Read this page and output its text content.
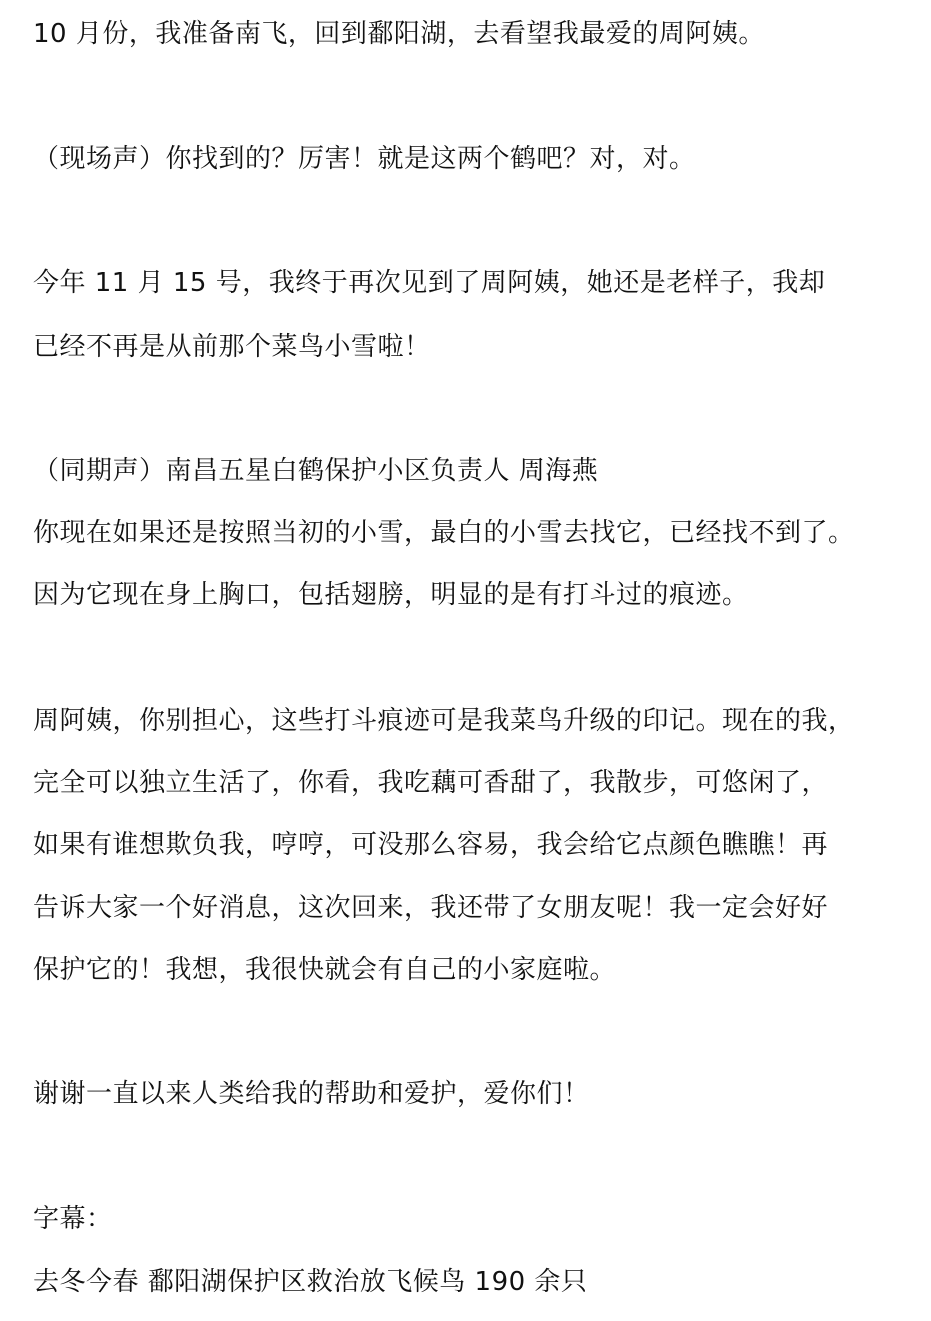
10 月份，我准备南飞，回到鄱阳湖，去看望我最爱的周阿姨。
（现场声）你找到的？厉害！就是这两个鹤吧？对，对。
今年 11 月 15 号，我终于再次见到了周阿姨，她还是老样子，我却
已经不再是从前那个菜鸟小雪啦！
（同期声）南昌五星白鹤保护小区负责人 周海燕
你现在如果还是按照当初的小雪，最白的小雪去找它，已经找不到了。
因为它现在身上胸口，包括翅膀，明显的是有打斗过的痕迹。
周阿姨，你别担心，这些打斗痕迹可是我菜鸟升级的印记。现在的我，
完全可以独立生活了，你看，我吃藕可香甜了，我散步，可悠闲了，
如果有谁想欺负我，哼哼，可没那么容易，我会给它点颜色瞧瞧！再
告诉大家一个好消息，这次回来，我还带了女朋友呢！我一定会好好
保护它的！我想，我很快就会有自己的小家庭啦。
谢谢一直以来人类给我的帮助和爱护，爱你们！
字幕：
去冬今春 鄱阳湖保护区救治放飞候鸟 190 余只
